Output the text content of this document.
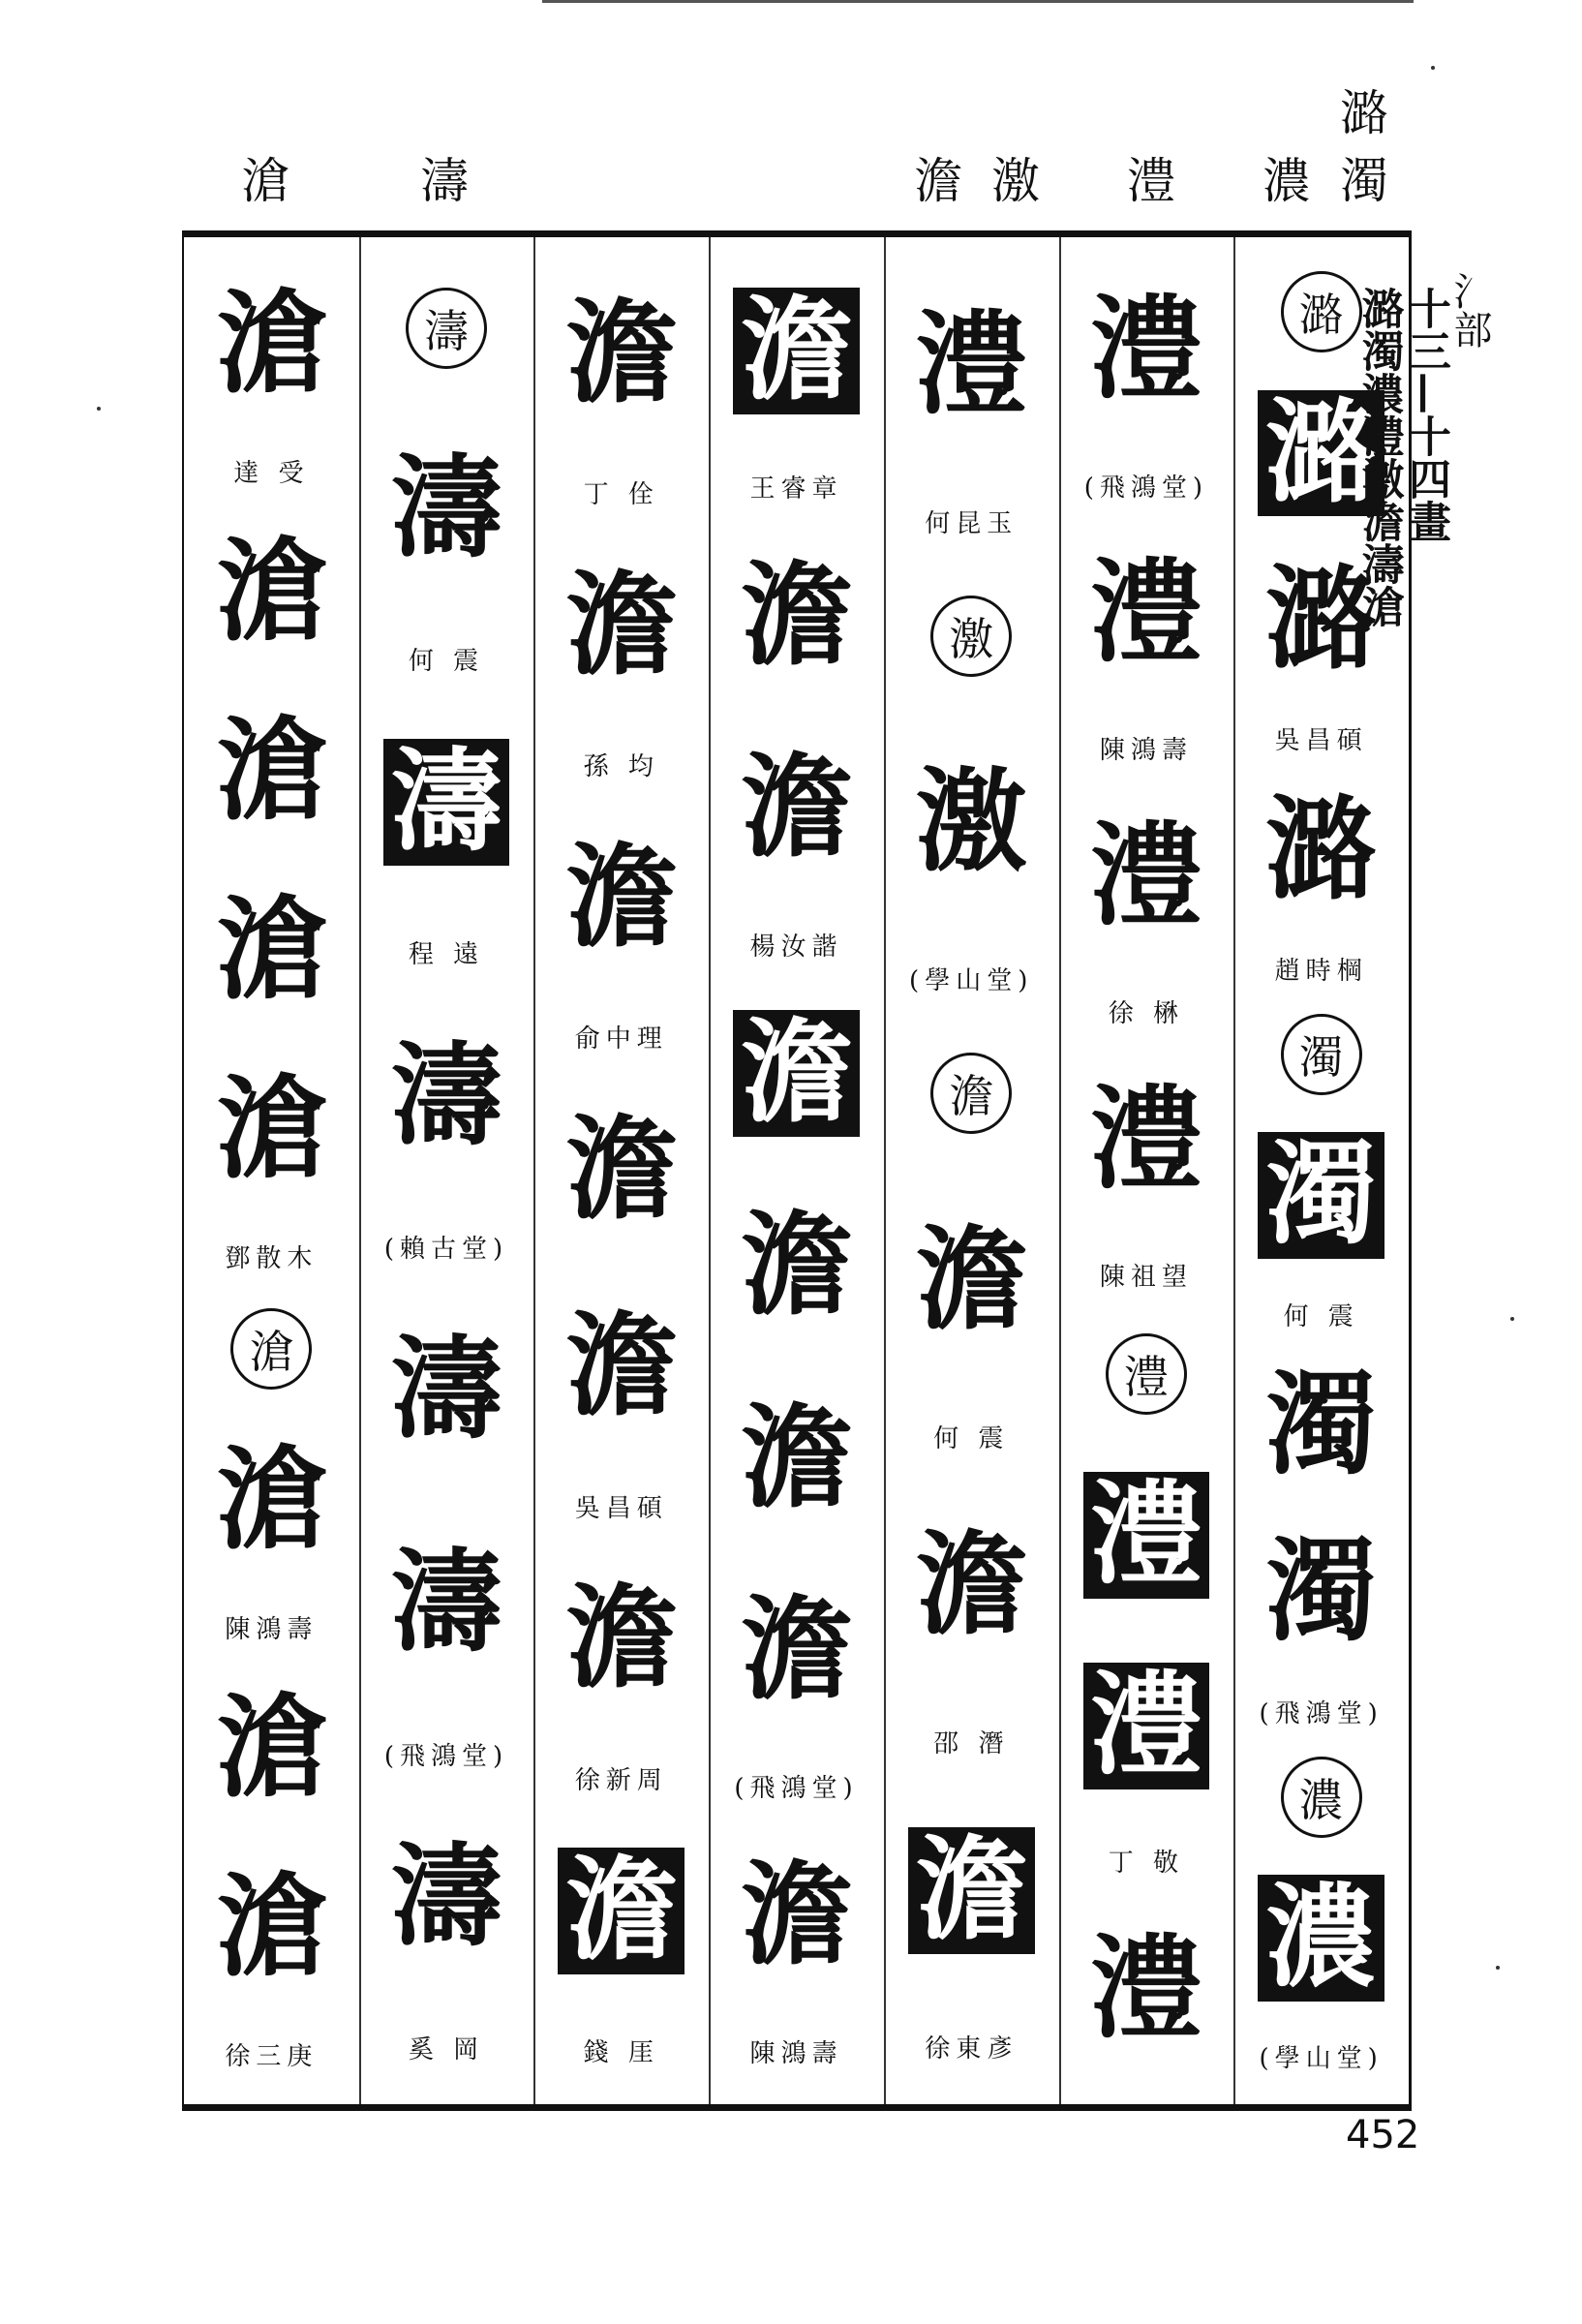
潞
濁
濃
澧
激
澹
濤
滄
潞
潞
潞
吳昌碩
潞
趙時棡
濁
濁
何 震
濁
濁
(飛鴻堂)
濃
濃
(學山堂)
澧
(飛鴻堂)
澧
陳鴻壽
澧
徐 楙
澧
陳祖望
澧
澧
澧
丁 敬
澧
澧
何昆玉
激
激
(學山堂)
澹
澹
何 震
澹
邵 潛
澹
徐東彥
澹
王睿章
澹
澹
楊汝諧
澹
澹
澹
澹
(飛鴻堂)
澹
陳鴻壽
澹
丁 佺
澹
孫 均
澹
俞中理
澹
澹
吳昌碩
澹
徐新周
澹
錢 厓
濤
濤
何 震
濤
程 遠
濤
(賴古堂)
濤
濤
(飛鴻堂)
濤
奚 岡
滄
達 受
滄
滄
滄
滄
鄧散木
滄
滄
陳鴻壽
滄
滄
徐三庚
氵部
十三—十四畫
潞濁濃澧激澹濤滄
452
